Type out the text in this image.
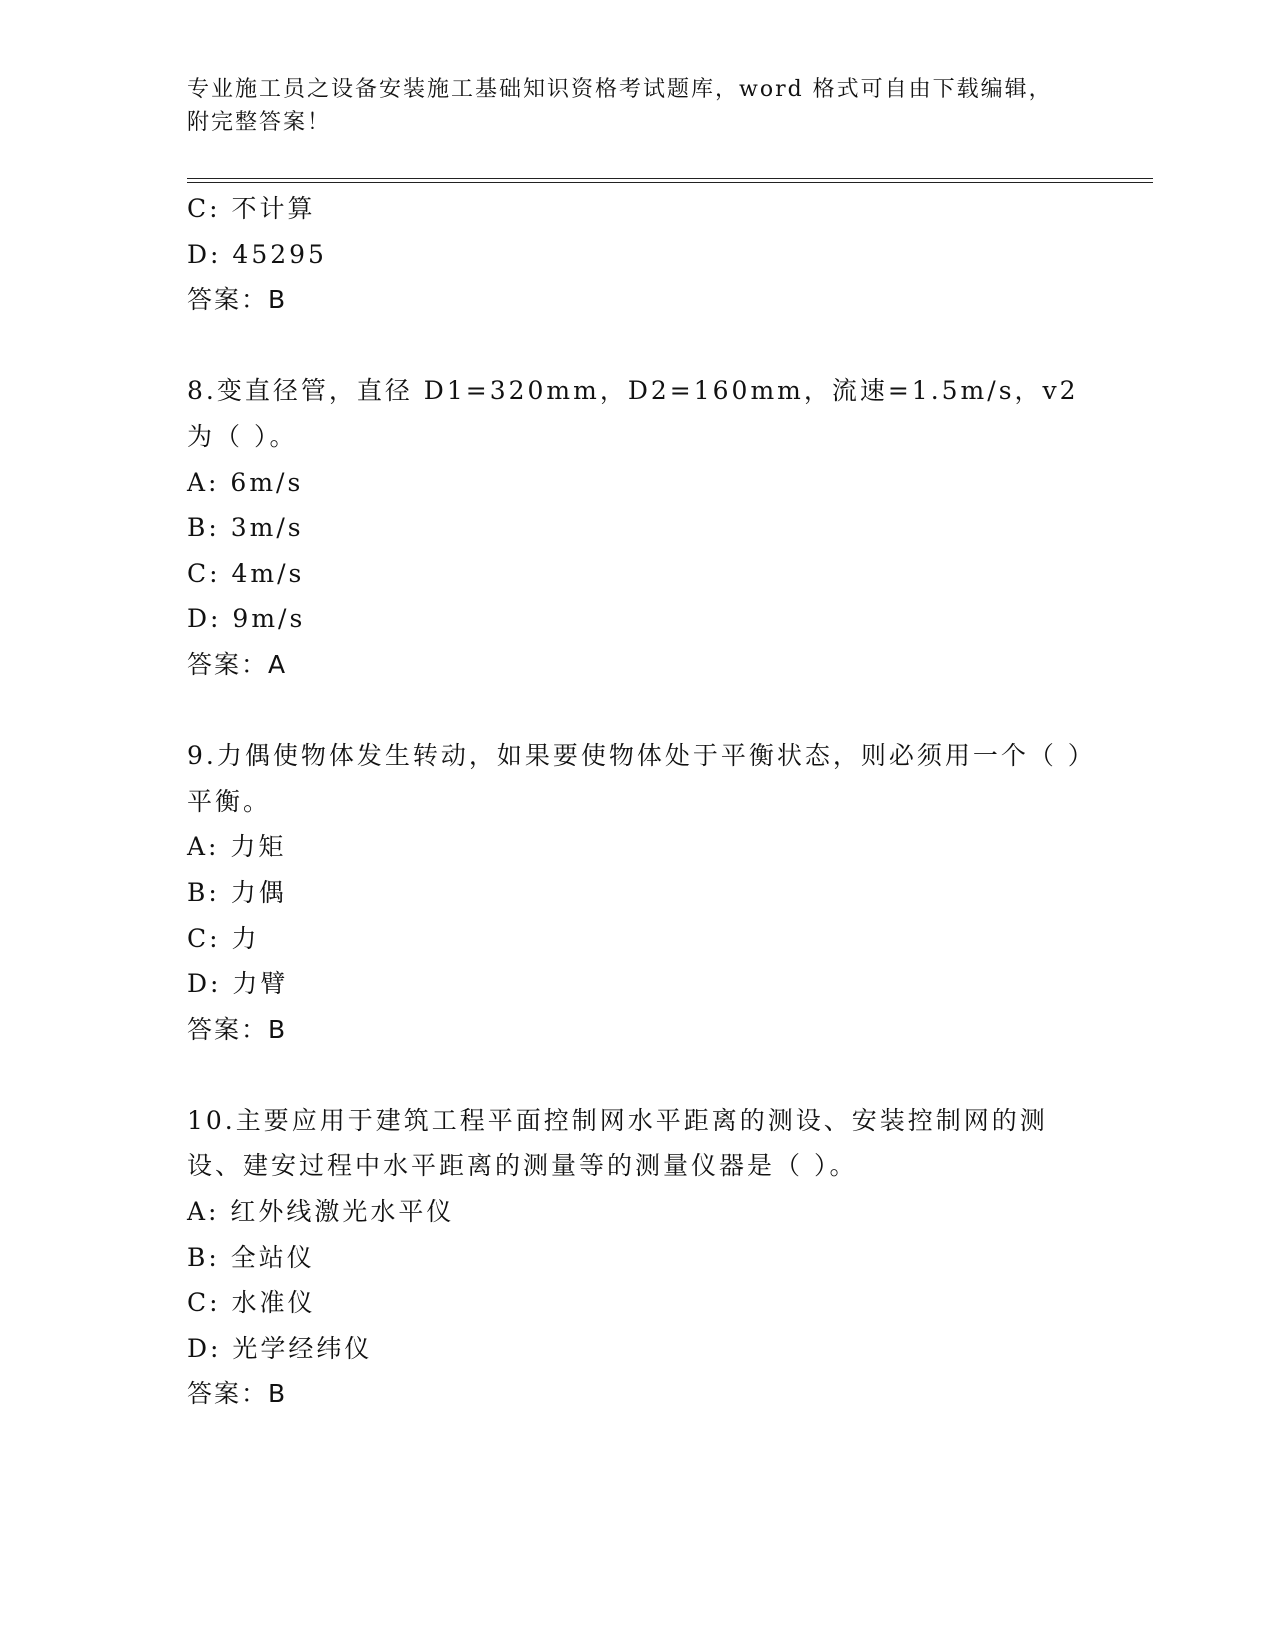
专业施工员之设备安装施工基础知识资格考试题库，word 格式可自由下载编辑，
附完整答案！
C: 不计算
D: 45295
答案：B
8.变直径管，直径 D1=320mm，D2=160mm，流速=1.5m/s，v2 为（ ）。
A: 6m/s
B: 3m/s
C: 4m/s
D: 9m/s
答案：A
9.力偶使物体发生转动，如果要使物体处于平衡状态，则必须用一个（ ）平衡。
A: 力矩
B: 力偶
C: 力
D: 力臂
答案：B
10.主要应用于建筑工程平面控制网水平距离的测设、安装控制网的测设、建安过程中水平距离的测量等的测量仪器是（ ）。
A: 红外线激光水平仪
B: 全站仪
C: 水准仪
D: 光学经纬仪
答案：B
